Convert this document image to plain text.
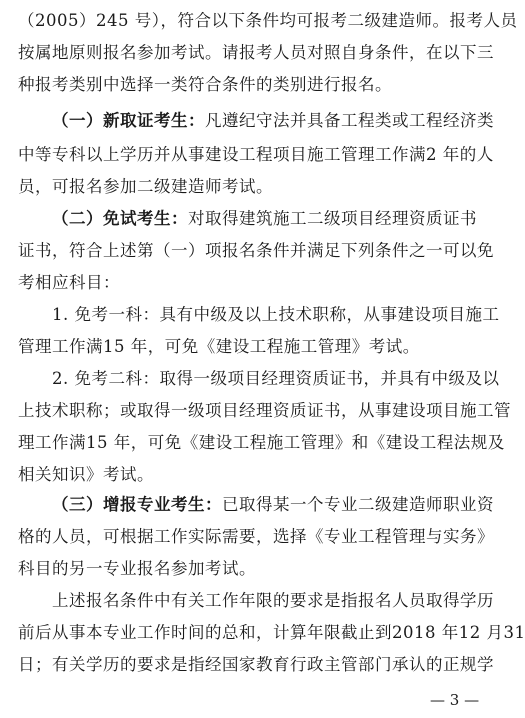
（2005）245 号），符合以下条件均可报考二级建造师。报考人员
按属地原则报名参加考试。请报考人员对照自身条件，在以下三
种报考类别中选择一类符合条件的类别进行报名。
（一）新取证考生：凡遵纪守法并具备工程类或工程经济类
中等专科以上学历并从事建设工程项目施工管理工作满2 年的人
员，可报名参加二级建造师考试。
（二）免试考生：对取得建筑施工二级项目经理资质证书
证书，符合上述第（一）项报名条件并满足下列条件之一可以免
考相应科目：
1. 免考一科：具有中级及以上技术职称，从事建设项目施工
管理工作满15 年，可免《建设工程施工管理》考试。
2. 免考二科：取得一级项目经理资质证书，并具有中级及以
上技术职称；或取得一级项目经理资质证书，从事建设项目施工管
理工作满15 年，可免《建设工程施工管理》和《建设工程法规及
相关知识》考试。
（三）增报专业考生：已取得某一个专业二级建造师职业资
格的人员，可根据工作实际需要，选择《专业工程管理与实务》
科目的另一专业报名参加考试。
上述报名条件中有关工作年限的要求是指报名人员取得学历
前后从事本专业工作时间的总和，计算年限截止到2018 年12 月31
日；有关学历的要求是指经国家教育行政主管部门承认的正规学
— 3 —
